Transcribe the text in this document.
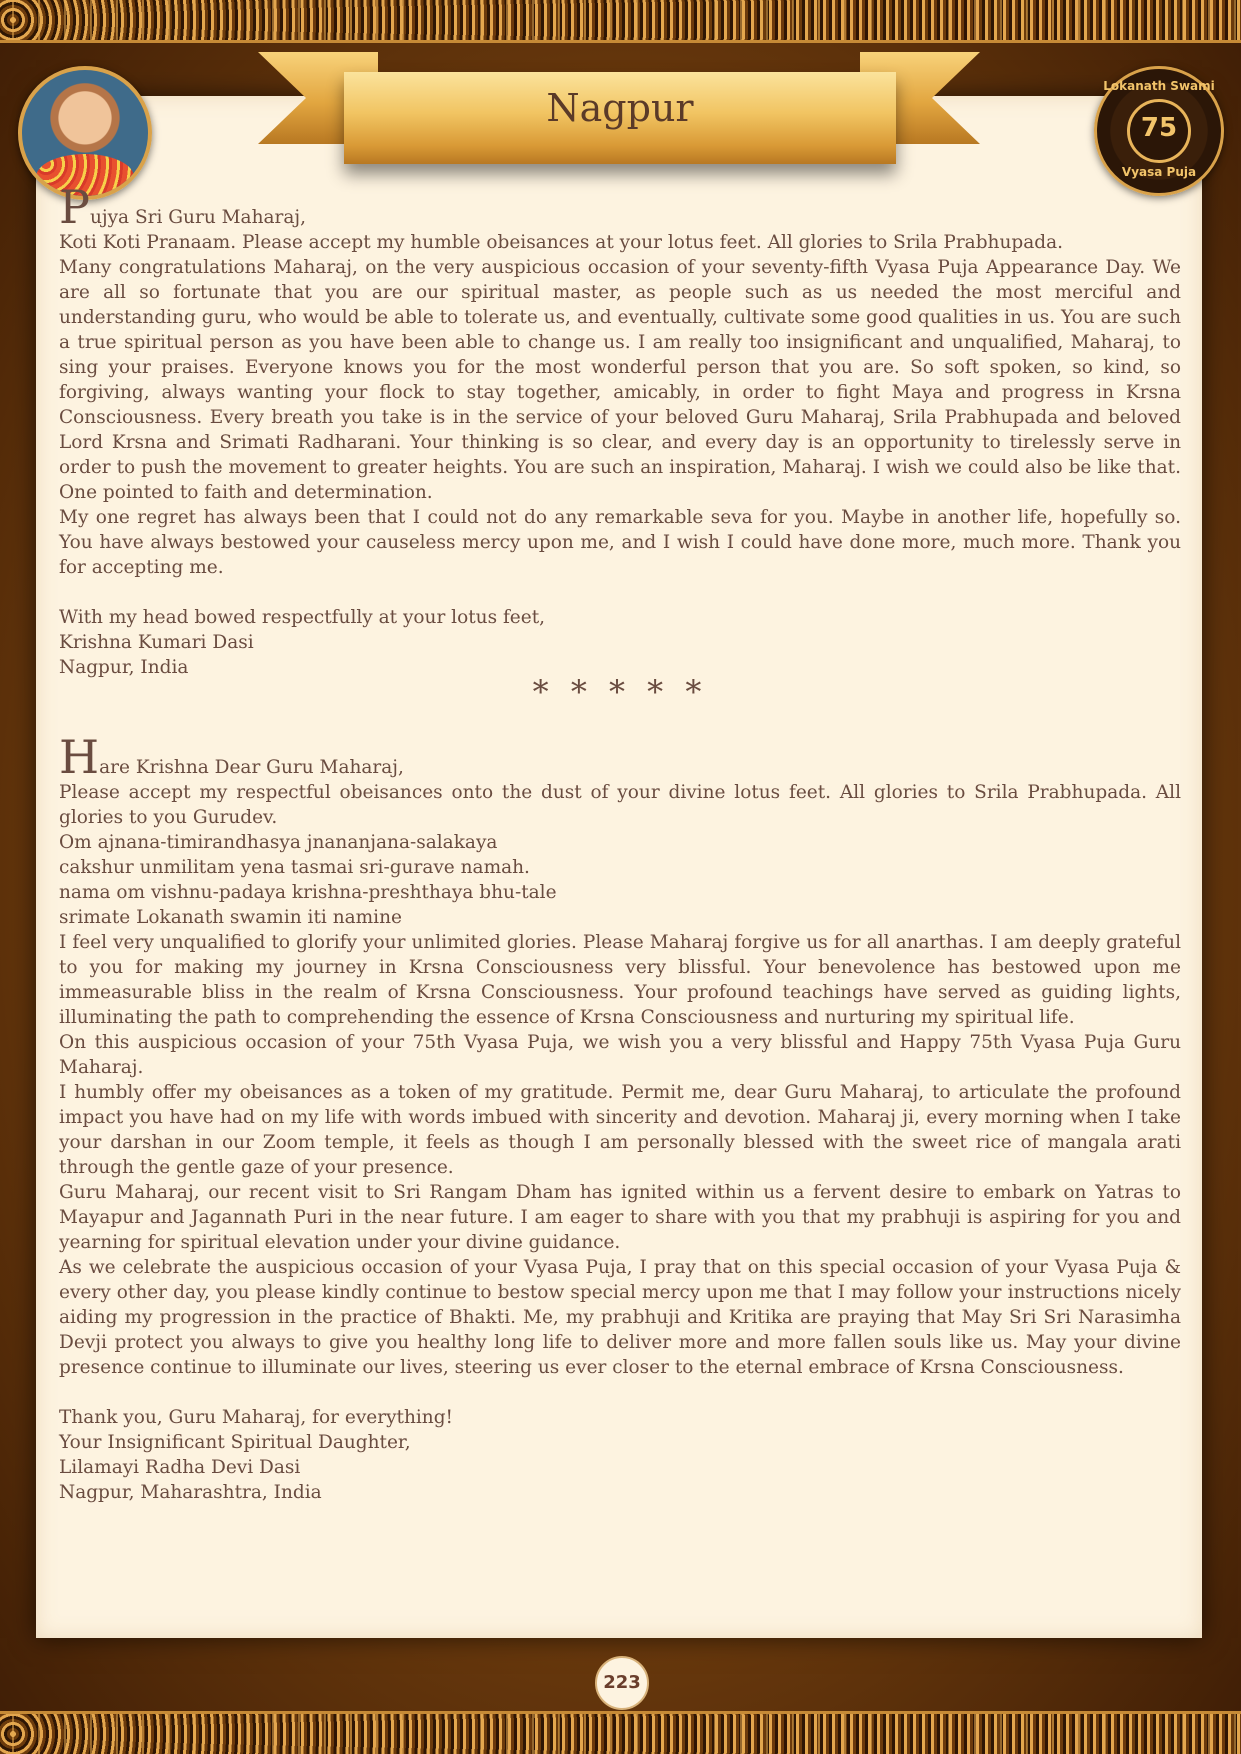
Lokanath Swami
75
Vyasa Puja
Nagpur

Pujya Sri Guru Maharaj,

Koti Koti Pranaam. Please accept my humble obeisances at your lotus feet. All glories to Srila Prabhupada.

Many congratulations Maharaj, on the very auspicious occasion of your seventy-fifth Vyasa Puja Appearance Day. We are all so fortunate that you are our spiritual master, as people such as us needed the most merciful and understanding guru, who would be able to tolerate us, and eventually, cultivate some good qualities in us. You are such a true spiritual person as you have been able to change us. I am really too insignificant and unqualified, Maharaj, to sing your praises. Everyone knows you for the most wonderful person that you are. So soft spoken, so kind, so forgiving, always wanting your flock to stay together, amicably, in order to fight Maya and progress in Krsna Consciousness. Every breath you take is in the service of your beloved Guru Maharaj, Srila Prabhupada and beloved Lord Krsna and Srimati Radharani. Your thinking is so clear, and every day is an opportunity to tirelessly serve in order to push the movement to greater heights. You are such an inspiration, Maharaj. I wish we could also be like that. One pointed to faith and determination.

My one regret has always been that I could not do any remarkable seva for you. Maybe in another life, hopefully so. You have always bestowed your causeless mercy upon me, and I wish I could have done more, much more. Thank you for accepting me.

With my head bowed respectfully at your lotus feet,

Krishna Kumari Dasi

Nagpur, India

* * * * *

Hare Krishna Dear Guru Maharaj,

Please accept my respectful obeisances onto the dust of your divine lotus feet. All glories to Srila Prabhupada. All glories to you Gurudev.

Om ajnana-timirandhasya jnananjana-salakaya

cakshur unmilitam yena tasmai sri-gurave namah.

nama om vishnu-padaya krishna-preshthaya bhu-tale

srimate Lokanath swamin iti namine

I feel very unqualified to glorify your unlimited glories. Please Maharaj forgive us for all anarthas. I am deeply grateful to you for making my journey in Krsna Consciousness very blissful. Your benevolence has bestowed upon me immeasurable bliss in the realm of Krsna Consciousness. Your profound teachings have served as guiding lights, illuminating the path to comprehending the essence of Krsna Consciousness and nurturing my spiritual life.

On this auspicious occasion of your 75th Vyasa Puja, we wish you a very blissful and Happy 75th Vyasa Puja Guru Maharaj.

I humbly offer my obeisances as a token of my gratitude. Permit me, dear Guru Maharaj, to articulate the profound impact you have had on my life with words imbued with sincerity and devotion. Maharaj ji, every morning when I take your darshan in our Zoom temple, it feels as though I am personally blessed with the sweet rice of mangala arati through the gentle gaze of your presence.

Guru Maharaj, our recent visit to Sri Rangam Dham has ignited within us a fervent desire to embark on Yatras to Mayapur and Jagannath Puri in the near future. I am eager to share with you that my prabhuji is aspiring for you and yearning for spiritual elevation under your divine guidance.

As we celebrate the auspicious occasion of your Vyasa Puja, I pray that on this special occasion of your Vyasa Puja & every other day, you please kindly continue to bestow special mercy upon me that I may follow your instructions nicely aiding my progression in the practice of Bhakti. Me, my prabhuji and Kritika are praying that May Sri Sri Narasimha Devji protect you always to give you healthy long life to deliver more and more fallen souls like us. May your divine presence continue to illuminate our lives, steering us ever closer to the eternal embrace of Krsna Consciousness.

Thank you, Guru Maharaj, for everything!

Your Insignificant Spiritual Daughter,

Lilamayi Radha Devi Dasi

Nagpur, Maharashtra, India

223
